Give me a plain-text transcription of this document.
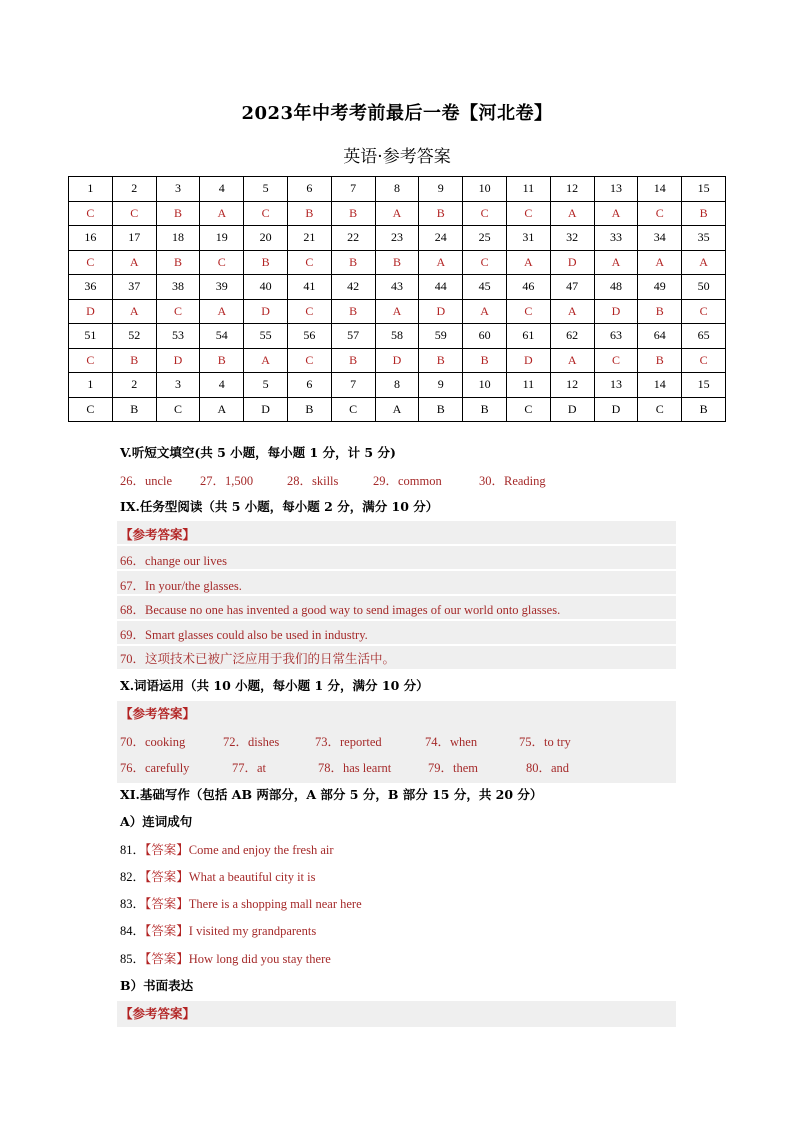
2023年中考考前最后一卷【河北卷】
英语·参考答案
1	2	3	4	5	6	7	8	9	10	11	12	13	14	15
C	C	B	A	C	B	B	A	B	C	C	A	A	C	B
16	17	18	19	20	21	22	23	24	25	31	32	33	34	35
C	A	B	C	B	C	B	B	A	C	A	D	A	A	A
36	37	38	39	40	41	42	43	44	45	46	47	48	49	50
D	A	C	A	D	C	B	A	D	A	C	A	D	B	C
51	52	53	54	55	56	57	58	59	60	61	62	63	64	65
C	B	D	B	A	C	B	D	B	B	D	A	C	B	C
1	2	3	4	5	6	7	8	9	10	11	12	13	14	15
C	B	C	A	D	B	C	A	B	B	C	D	D	C	B
V.听短文填空(共 5 小题，每小题 1 分，计 5 分)
26．uncle 27．1,500	28．skills	29．common	30．Reading
IX.任务型阅读（共 5 小题，每小题 2 分，满分 10 分）
【参考答案】
66．change our lives
67．In your/the glasses.
68．Because no one has invented a good way to send images of our world onto glasses.
69．Smart glasses could also be used in industry.
70．这项技术已被广泛应用于我们的日常生活中。
X.词语运用（共 10 小题，每小题 1 分，满分 10 分）
【参考答案】
70．cooking	72．dishes	73．reported	74．when	75．to try
76．carefully	77．at	78．has learnt	79．them	80．and
XI.基础写作（包括 AB 两部分，A 部分 5 分，B 部分 15 分，共 20 分）
A）连词成句
81．【答案】Come and enjoy the fresh air
82．【答案】What a beautiful city it is
83．【答案】There is a shopping mall near here
84．【答案】I visited my grandparents
85．【答案】How long did you stay there
B）书面表达
【参考答案】
